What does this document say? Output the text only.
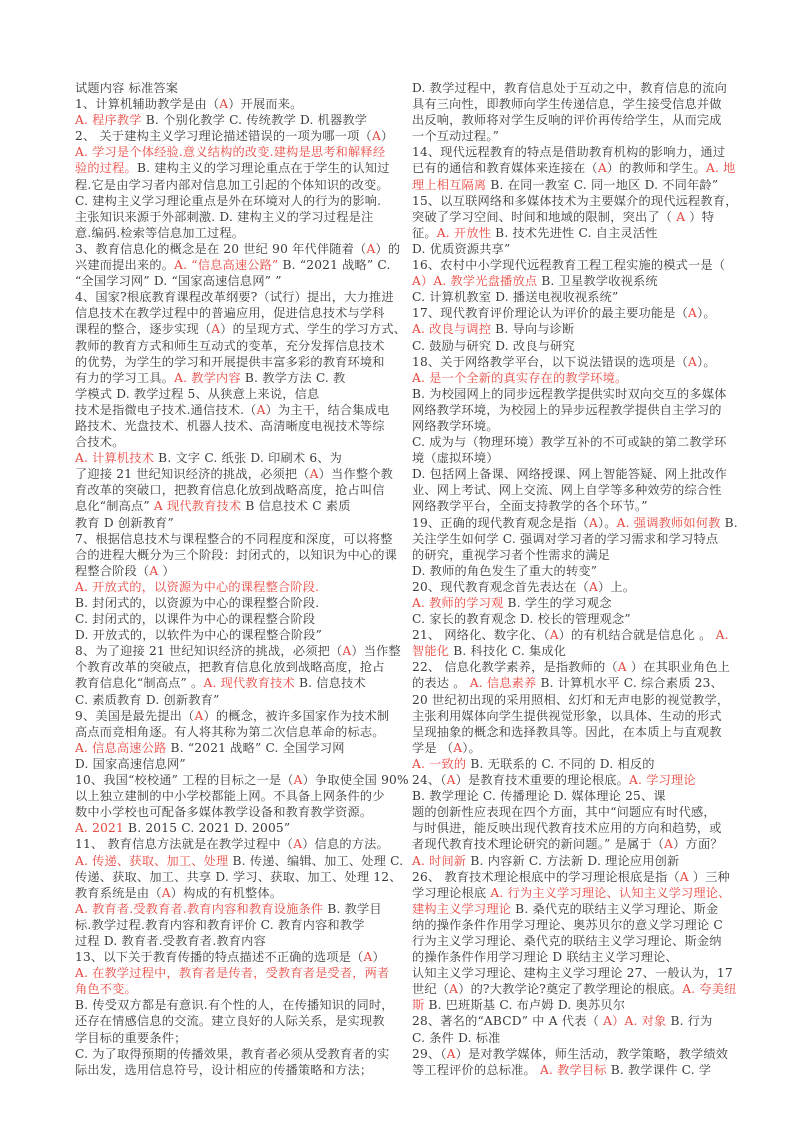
试题内容 标准答案
1、计算机辅助教学是由（A）开展而来。
A. 程序教学 B. 个别化教学 C. 传统教学 D. 机器教学
2、 关于建构主义学习理论描述错误的一项为哪一项（A）
A. 学习是个体经验.意义结构的改变.建构是思考和解释经
验的过程。B. 建构主义的学习理论重点在于学生的认知过
程.它是由学习者内部对信息加工引起的个体知识的改变。
C. 建构主义学习理论重点是外在环境对人的行为的影响.
主张知识来源于外部刺激. D. 建构主义的学习过程是注
意.编码.检索等信息加工过程。
3、教育信息化的概念是在 20 世纪 90 年代伴随着（A）的
兴建而提出来的。A. “信息高速公路” B. “2021 战略” C.
“全国学习网” D. “国家高速信息网” ”
4、国家?根底教育课程改革纲要?（试行）提出，大力推进
信息技术在教学过程中的普遍应用，促进信息技术与学科
课程的整合，逐步实现（A）的呈现方式、学生的学习方式、
教师的教育方式和师生互动式的变革，充分发挥信息技术
的优势，为学生的学习和开展提供丰富多彩的教育环境和
有力的学习工具。A. 教学内容 B. 教学方法 C. 教
学模式 D. 教学过程 5、从狭意上来说，信息
技术是指微电子技术.通信技术.（A）为主干，结合集成电
路技术、光盘技术、机器人技术、高清晰度电视技术等综
合技术。
A. 计算机技术 B. 文字 C. 纸张 D. 印刷术 6、为
了迎接 21 世纪知识经济的挑战，必须把（A）当作整个教
育改革的突破口，把教育信息化放到战略高度，抢占叫信
息化“制高点” A 现代教育技术 B 信息技术 C 素质
教育 D 创新教育”
7、根据信息技术与课程整合的不同程度和深度，可以将整
合的进程大概分为三个阶段：封闭式的，以知识为中心的课
程整合阶段（A ）
A. 开放式的，以资源为中心的课程整合阶段.
B. 封闭式的，以资源为中心的课程整合阶段.
C. 封闭式的，以课件为中心的课程整合阶段
D. 开放式的，以软件为中心的课程整合阶段”
8、为了迎接 21 世纪知识经济的挑战，必须把（A）当作整
个教育改革的突破点，把教育信息化放到战略高度，抢占
教育信息化“制高点” 。A. 现代教育技术 B. 信息技术
C. 素质教育 D. 创新教育”
9、美国是最先提出（A）的概念，被许多国家作为技术制
高点而竞相角逐。有人将其称为第二次信息革命的标志。
A. 信息高速公路 B. “2021 战略” C. 全国学习网
D. 国家高速信息网”
10、我国“校校通” 工程的目标之一是（A）争取使全国 90%
以上独立建制的中小学校都能上网。不具备上网条件的少
数中小学校也可配备多媒体教学设备和教育教学资源。
A. 2021 B. 2015 C. 2021 D. 2005”
11、 教育信息方法就是在教学过程中（A）信息的方法。
A. 传递、获取、加工、处理 B. 传递、编辑、加工、处理 C.
传递、获取、加工、共享 D. 学习、获取、加工、处理 12、
教育系统是由（A）构成的有机整体。
A. 教育者.受教育者.教育内容和教育设施条件 B. 教学目
标.教学过程.教育内容和教育评价 C. 教育内容和教学
过程 D. 教育者.受教育者.教育内容
13、以下关于教育传播的特点描述不正确的选项是（A）
A. 在教学过程中，教育者是传者，受教育者是受者，两者
角色不变。
B. 传受双方都是有意识.有个性的人，在传播知识的同时，
还存在情感信息的交流。建立良好的人际关系，是实现教
学目标的重要条件；
C. 为了取得预期的传播效果，教育者必须从受教育者的实
际出发，选用信息符号，设计相应的传播策略和方法；
D. 教学过程中，教育信息处于互动之中，教育信息的流向
具有三向性，即教师向学生传递信息，学生接受信息并做
出反响，教师将对学生反响的评价再传给学生，从而完成
一个互动过程。”
14、现代远程教育的特点是借助教育机构的影响力，通过
已有的通信和教育媒体来连接在（A）的教师和学生。A. 地
理上相互隔离 B. 在同一教室 C. 同一地区 D. 不同年龄”
15、以互联网络和多媒体技术为主要媒介的现代远程教育，
突破了学习空间、时间和地域的限制，突出了（ A ）特
征。A. 开放性 B. 技术先进性 C. 自主灵活性
D. 优质资源共享”
16、农村中小学现代远程教育工程工程实施的模式一是（
A）A. 教学光盘播放点 B. 卫星教学收视系统
C. 计算机教室 D. 播送电视收视系统”
17、现代教育评价理论认为评价的最主要功能是（A）。
A. 改良与调控 B. 导向与诊断
C. 鼓励与研究 D. 改良与研究
18、关于网络教学平台，以下说法错误的选项是（A）。
A. 是一个全新的真实存在的教学环境。
B. 为校园网上的同步远程教学提供实时双向交互的多媒体
网络教学环境，为校园上的异步远程教学提供自主学习的
网络教学环境。
C. 成为与（物理环境）教学互补的不可或缺的第二教学环
境（虚拟环境）
D. 包括网上备课、网络授课、网上智能答疑、网上批改作
业、网上考试、网上交流、网上自学等多种效劳的综合性
网络教学平台，全面支持教学的各个环节。”
19、正确的现代教育观念是指（A）。A. 强调教师如何教 B.
关注学生如何学 C. 强调对学习者的学习需求和学习特点
的研究，重视学习者个性需求的满足
D. 教师的角色发生了重大的转变”
20、现代教育观念首先表达在（A）上。
A. 教师的学习观 B. 学生的学习观念
C. 家长的教育观念 D. 校长的管理观念”
21、 网络化、数字化、（A）的有机结合就是信息化 。 A.
智能化 B. 科技化 C. 集成化
22、 信息化教学素养，是指教师的（A ）在其职业角色上
的表达 。 A. 信息素养 B. 计算机水平 C. 综合素质 23、
20 世纪初出现的采用照相、幻灯和无声电影的视觉教学，
主张利用媒体向学生提供视觉形象，以具体、生动的形式
呈现抽象的概念和选择教具等。因此，在本质上与直观教
学是 （A）。
A. 一致的 B. 无联系的 C. 不同的 D. 相反的
24、（A）是教育技术重要的理论根底。A. 学习理论
B. 教学理论 C. 传播理论 D. 媒体理论 25、课
题的创新性应表现在四个方面，其中“问题应有时代感，
与时俱进，能反映出现代教育技术应用的方向和趋势，或
者现代教育技术理论研究的新问题。” 是属于（A）方面？
A. 时间新 B. 内容新 C. 方法新 D. 理论应用创新
26、 教育技术理论根底中的学习理论根底是指（A ）三种
学习理论根底 A. 行为主义学习理论、认知主义学习理论、
建构主义学习理论 B. 桑代克的联结主义学习理论、斯金
纳的操作条件作用学习理论、奥苏贝尔的意义学习理论 C
行为主义学习理论、桑代克的联结主义学习理论、斯金纳
的操作条件作用学习理论 D 联结主义学习理论、
认知主义学习理论、建构主义学习理论 27、一般认为，17
世纪（A）的?大教学论?奠定了教学理论的根底。A. 夸美纽
斯 B. 巴班斯基 C. 布卢姆 D. 奥苏贝尔
28、著名的“ABCD” 中 A 代表（ A）A. 对象 B. 行为
C. 条件 D. 标准
29、（A）是对教学媒体，师生活动，教学策略，教学绩效
等工程评价的总标准。 A. 教学目标 B. 教学课件 C. 学
